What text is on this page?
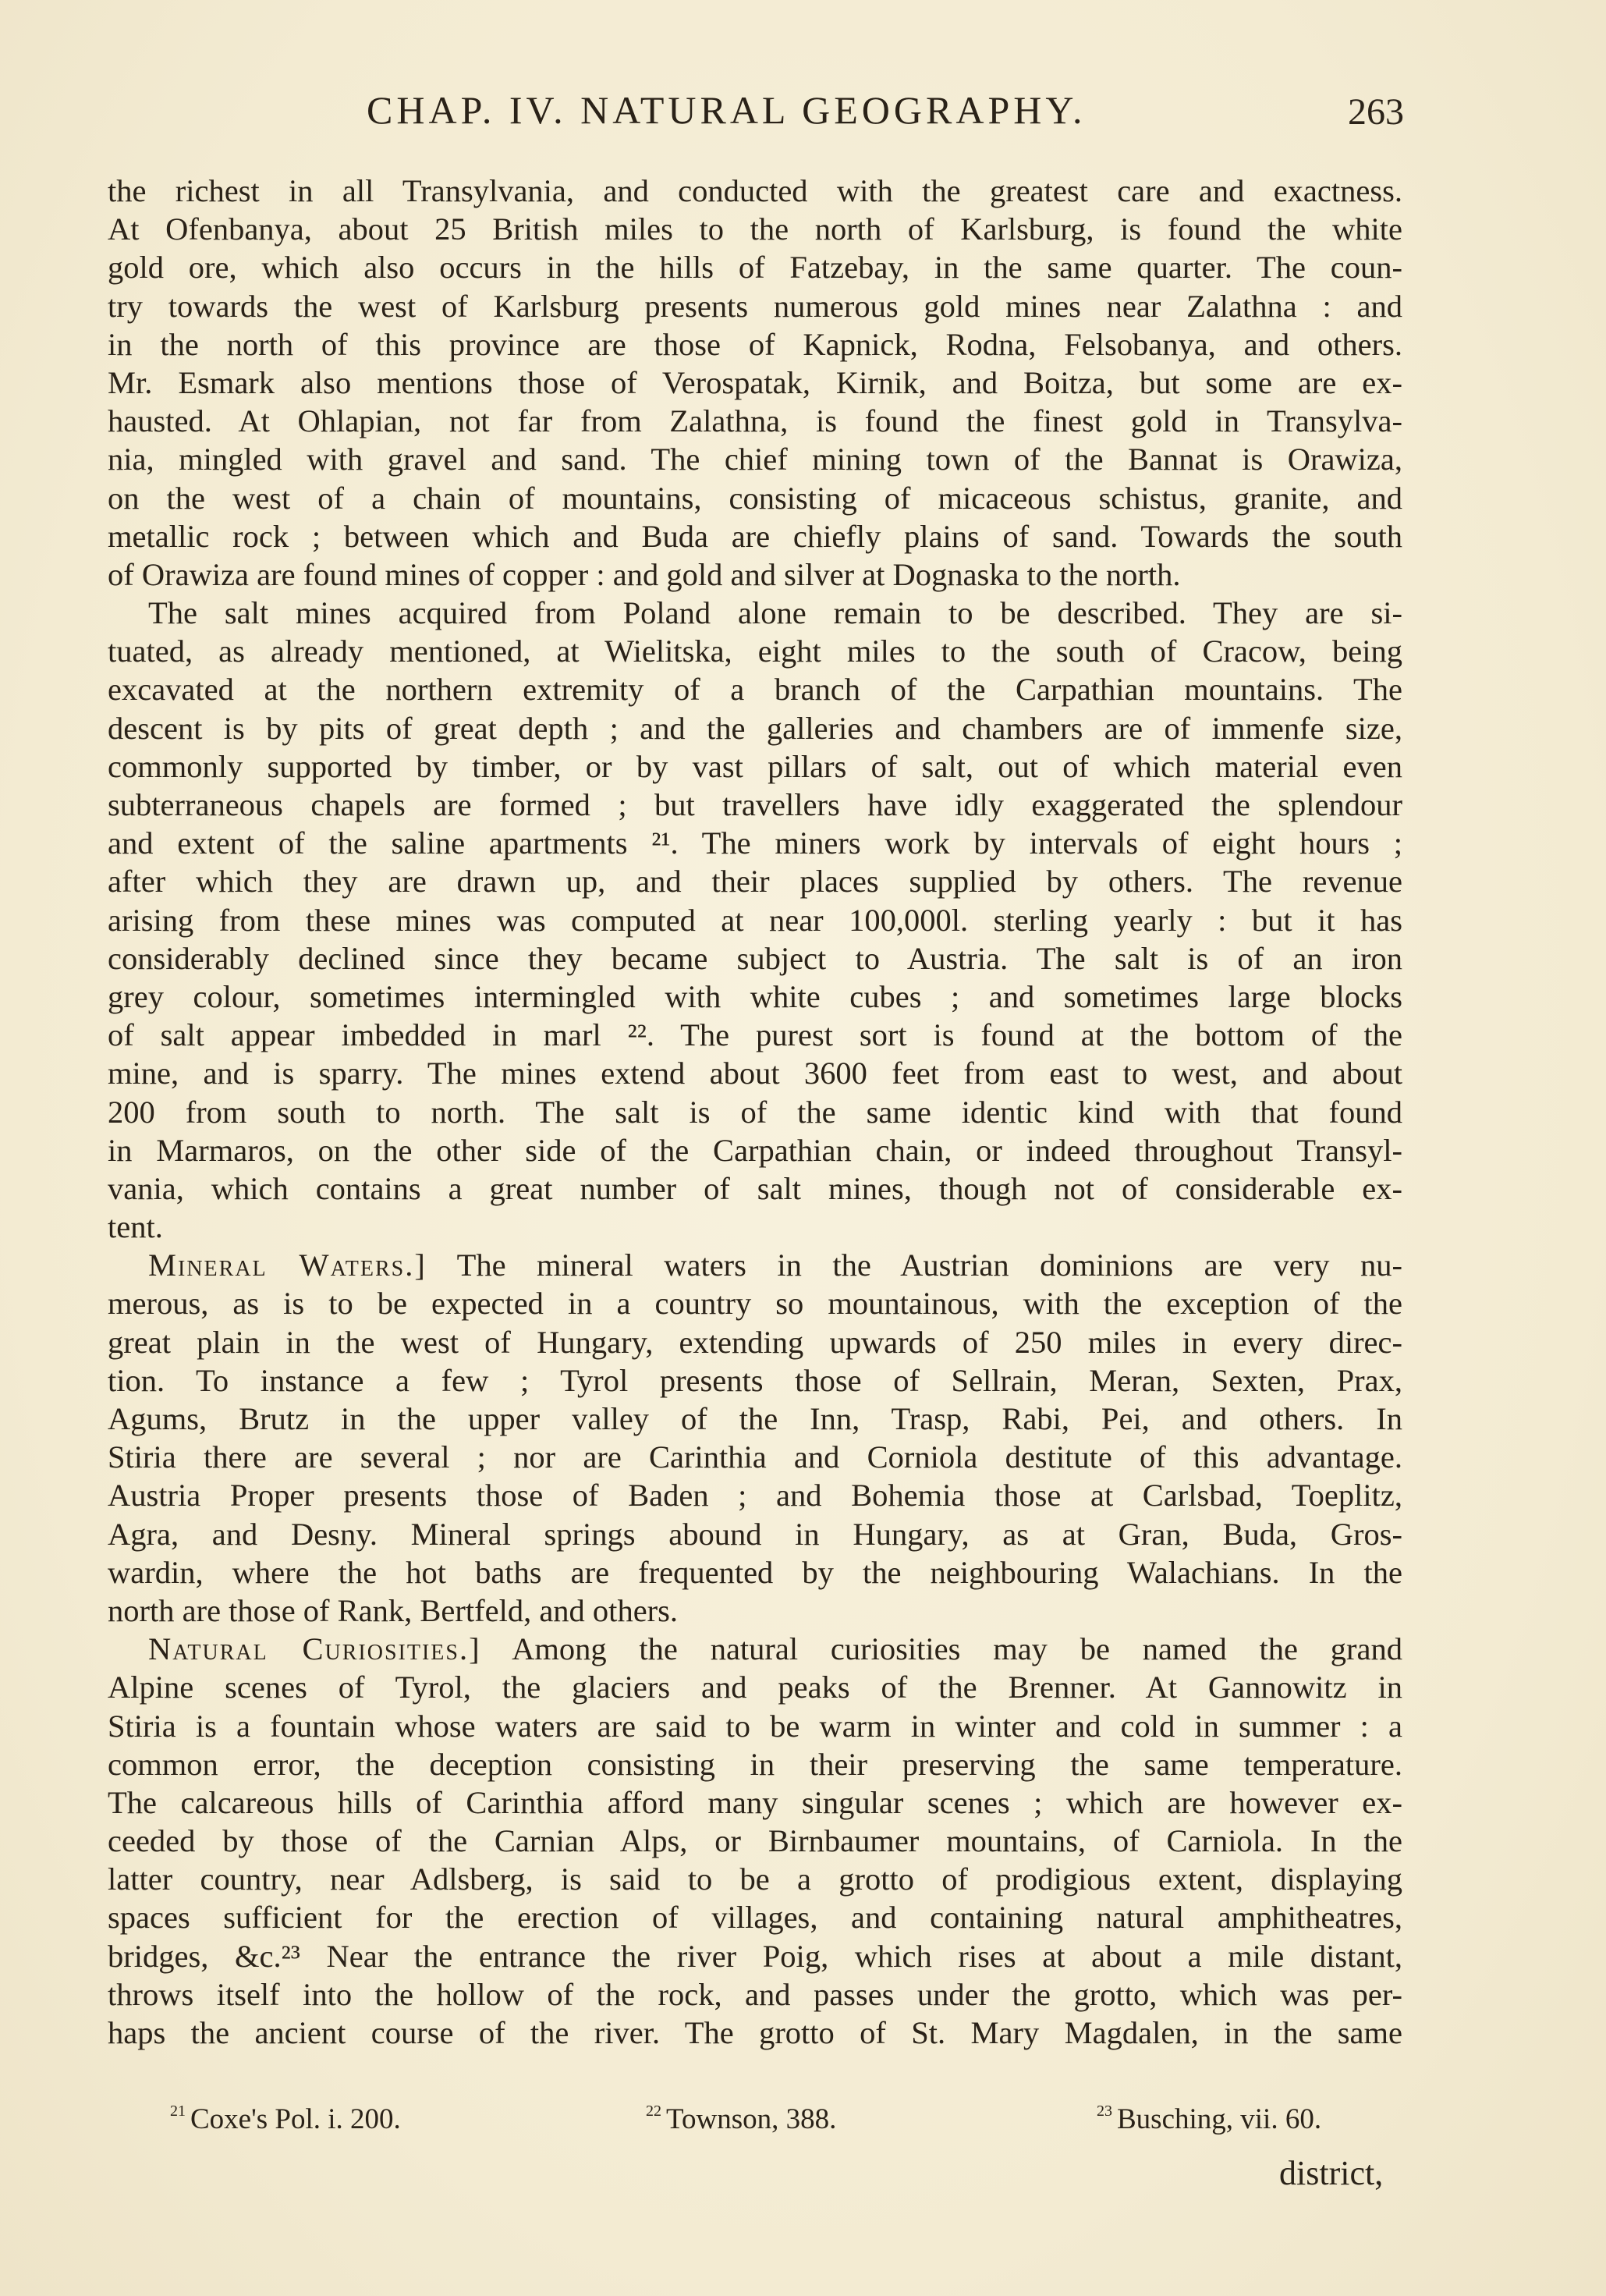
CHAP. IV. NATURAL GEOGRAPHY.	263
the richest in all Transylvania, and conducted with the greatest care and exactness.
At Ofenbanya, about 25 British miles to the north of Karlsburg, is found the white
gold ore, which also occurs in the hills of Fatzebay, in the same quarter. The coun-
try towards the west of Karlsburg presents numerous gold mines near Zalathna : and
in the north of this province are those of Kapnick, Rodna, Felsobanya, and others.
Mr. Esmark also mentions those of Verospatak, Kirnik, and Boitza, but some are ex-
hausted. At Ohlapian, not far from Zalathna, is found the finest gold in Transylva-
nia, mingled with gravel and sand. The chief mining town of the Bannat is Orawiza,
on the west of a chain of mountains, consisting of micaceous schistus, granite, and
metallic rock ; between which and Buda are chiefly plains of sand. Towards the south
of Orawiza are found mines of copper : and gold and silver at Dognaska to the north.
The salt mines acquired from Poland alone remain to be described. They are si-
tuated, as already mentioned, at Wielitska, eight miles to the south of Cracow, being
excavated at the northern extremity of a branch of the Carpathian mountains. The
descent is by pits of great depth ; and the galleries and chambers are of immenfe size,
commonly supported by timber, or by vast pillars of salt, out of which material even
subterraneous chapels are formed ; but travellers have idly exaggerated the splendour
and extent of the saline apartments ²¹. The miners work by intervals of eight hours ;
after which they are drawn up, and their places supplied by others. The revenue
arising from these mines was computed at near 100,000l. sterling yearly : but it has
considerably declined since they became subject to Austria. The salt is of an iron
grey colour, sometimes intermingled with white cubes ; and sometimes large blocks
of salt appear imbedded in marl ²². The purest sort is found at the bottom of the
mine, and is sparry. The mines extend about 3600 feet from east to west, and about
200 from south to north. The salt is of the same identic kind with that found
in Marmaros, on the other side of the Carpathian chain, or indeed throughout Transyl-
vania, which contains a great number of salt mines, though not of considerable ex-
tent.
Mineral Waters.] The mineral waters in the Austrian dominions are very nu-
merous, as is to be expected in a country so mountainous, with the exception of the
great plain in the west of Hungary, extending upwards of 250 miles in every direc-
tion. To instance a few ; Tyrol presents those of Sellrain, Meran, Sexten, Prax,
Agums, Brutz in the upper valley of the Inn, Trasp, Rabi, Pei, and others. In
Stiria there are several ; nor are Carinthia and Corniola destitute of this advantage.
Austria Proper presents those of Baden ; and Bohemia those at Carlsbad, Toeplitz,
Agra, and Desny. Mineral springs abound in Hungary, as at Gran, Buda, Gros-
wardin, where the hot baths are frequented by the neighbouring Walachians. In the
north are those of Rank, Bertfeld, and others.
Natural Curiosities.] Among the natural curiosities may be named the grand
Alpine scenes of Tyrol, the glaciers and peaks of the Brenner. At Gannowitz in
Stiria is a fountain whose waters are said to be warm in winter and cold in summer : a
common error, the deception consisting in their preserving the same temperature.
The calcareous hills of Carinthia afford many singular scenes ; which are however ex-
ceeded by those of the Carnian Alps, or Birnbaumer mountains, of Carniola. In the
latter country, near Adlsberg, is said to be a grotto of prodigious extent, displaying
spaces sufficient for the erection of villages, and containing natural amphitheatres,
bridges, &c.²³ Near the entrance the river Poig, which rises at about a mile distant,
throws itself into the hollow of the rock, and passes under the grotto, which was per-
haps the ancient course of the river. The grotto of St. Mary Magdalen, in the same
$^{21}$ Coxe's Pol. i. 200.	$^{22}$ Townson, 388.	$^{23}$ Busching, vii. 60.
district,
